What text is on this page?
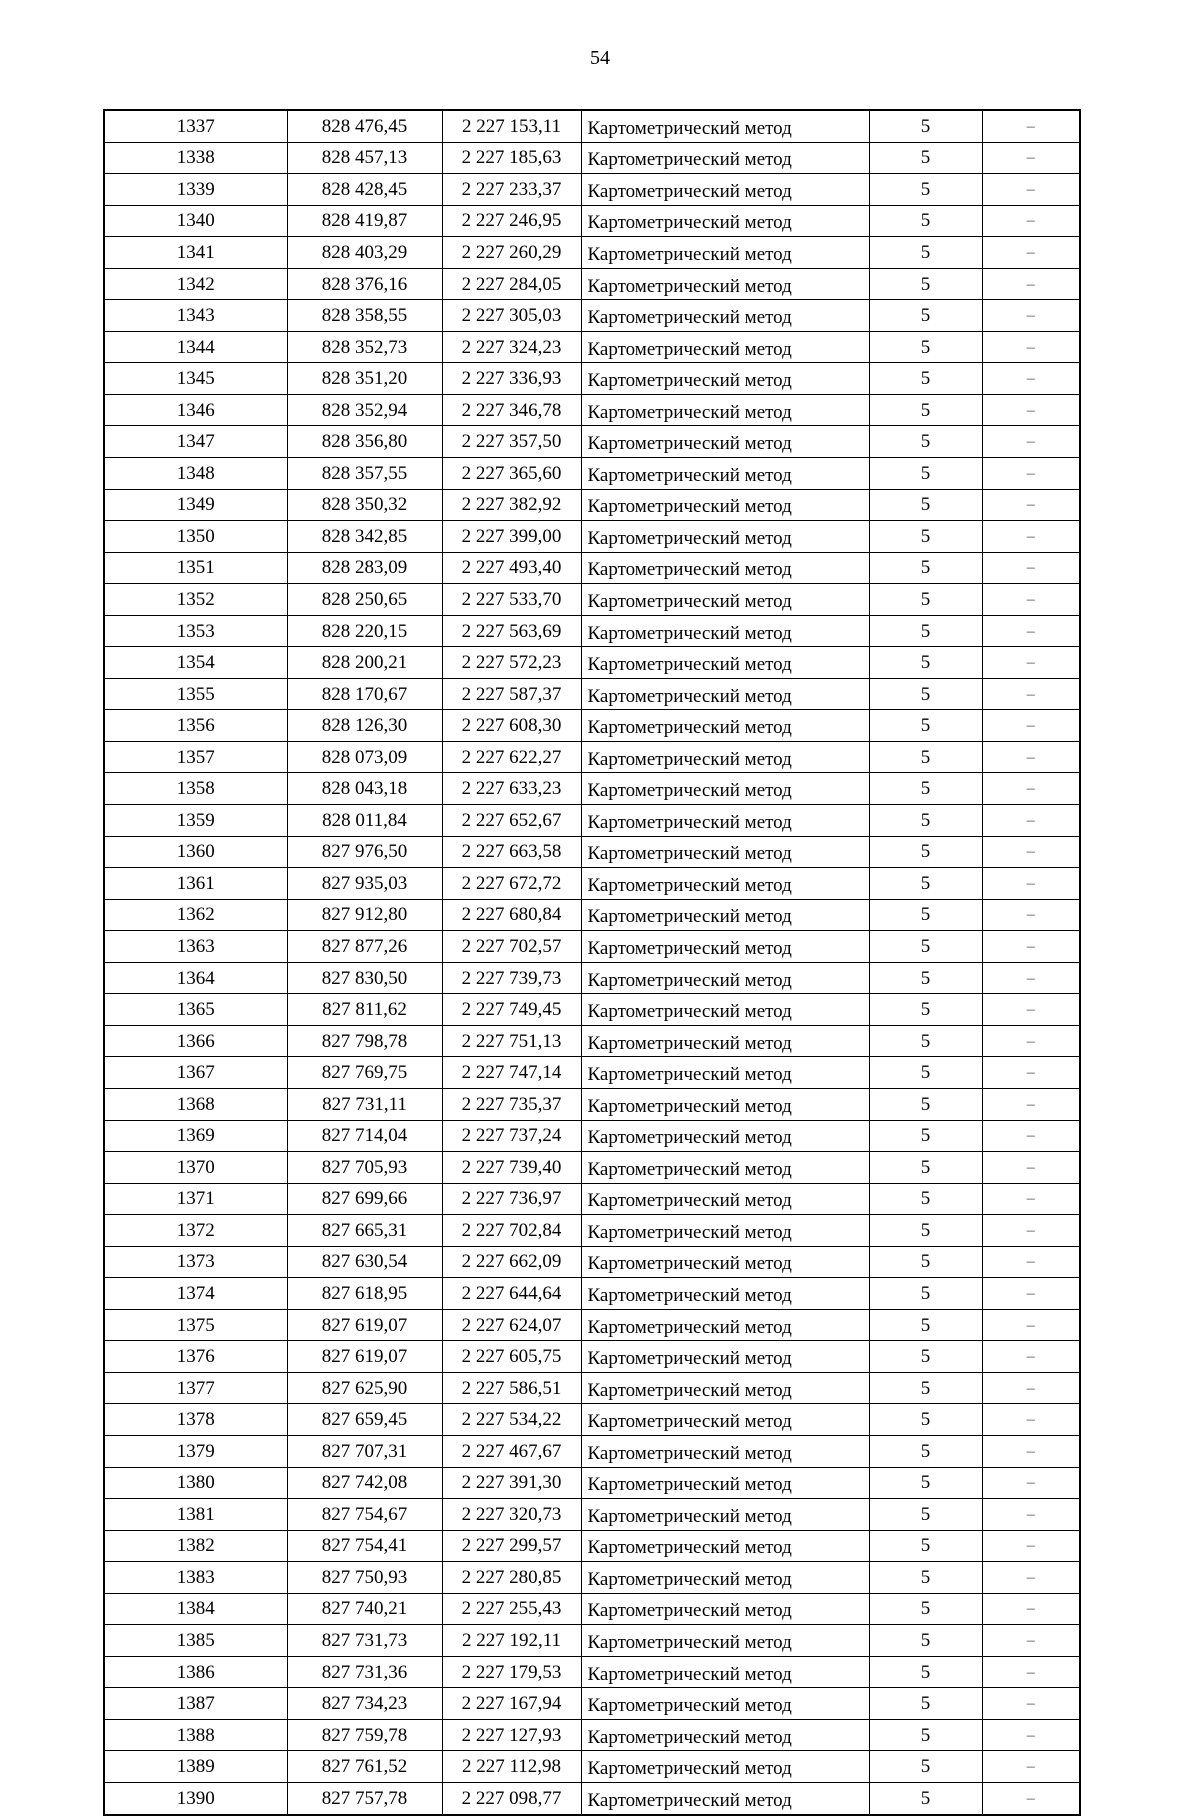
54
1337	828 476,45	2 227 153,11	Картометрический метод	5	–
1338	828 457,13	2 227 185,63	Картометрический метод	5	–
1339	828 428,45	2 227 233,37	Картометрический метод	5	–
1340	828 419,87	2 227 246,95	Картометрический метод	5	–
1341	828 403,29	2 227 260,29	Картометрический метод	5	–
1342	828 376,16	2 227 284,05	Картометрический метод	5	–
1343	828 358,55	2 227 305,03	Картометрический метод	5	–
1344	828 352,73	2 227 324,23	Картометрический метод	5	–
1345	828 351,20	2 227 336,93	Картометрический метод	5	–
1346	828 352,94	2 227 346,78	Картометрический метод	5	–
1347	828 356,80	2 227 357,50	Картометрический метод	5	–
1348	828 357,55	2 227 365,60	Картометрический метод	5	–
1349	828 350,32	2 227 382,92	Картометрический метод	5	–
1350	828 342,85	2 227 399,00	Картометрический метод	5	–
1351	828 283,09	2 227 493,40	Картометрический метод	5	–
1352	828 250,65	2 227 533,70	Картометрический метод	5	–
1353	828 220,15	2 227 563,69	Картометрический метод	5	–
1354	828 200,21	2 227 572,23	Картометрический метод	5	–
1355	828 170,67	2 227 587,37	Картометрический метод	5	–
1356	828 126,30	2 227 608,30	Картометрический метод	5	–
1357	828 073,09	2 227 622,27	Картометрический метод	5	–
1358	828 043,18	2 227 633,23	Картометрический метод	5	–
1359	828 011,84	2 227 652,67	Картометрический метод	5	–
1360	827 976,50	2 227 663,58	Картометрический метод	5	–
1361	827 935,03	2 227 672,72	Картометрический метод	5	–
1362	827 912,80	2 227 680,84	Картометрический метод	5	–
1363	827 877,26	2 227 702,57	Картометрический метод	5	–
1364	827 830,50	2 227 739,73	Картометрический метод	5	–
1365	827 811,62	2 227 749,45	Картометрический метод	5	–
1366	827 798,78	2 227 751,13	Картометрический метод	5	–
1367	827 769,75	2 227 747,14	Картометрический метод	5	–
1368	827 731,11	2 227 735,37	Картометрический метод	5	–
1369	827 714,04	2 227 737,24	Картометрический метод	5	–
1370	827 705,93	2 227 739,40	Картометрический метод	5	–
1371	827 699,66	2 227 736,97	Картометрический метод	5	–
1372	827 665,31	2 227 702,84	Картометрический метод	5	–
1373	827 630,54	2 227 662,09	Картометрический метод	5	–
1374	827 618,95	2 227 644,64	Картометрический метод	5	–
1375	827 619,07	2 227 624,07	Картометрический метод	5	–
1376	827 619,07	2 227 605,75	Картометрический метод	5	–
1377	827 625,90	2 227 586,51	Картометрический метод	5	–
1378	827 659,45	2 227 534,22	Картометрический метод	5	–
1379	827 707,31	2 227 467,67	Картометрический метод	5	–
1380	827 742,08	2 227 391,30	Картометрический метод	5	–
1381	827 754,67	2 227 320,73	Картометрический метод	5	–
1382	827 754,41	2 227 299,57	Картометрический метод	5	–
1383	827 750,93	2 227 280,85	Картометрический метод	5	–
1384	827 740,21	2 227 255,43	Картометрический метод	5	–
1385	827 731,73	2 227 192,11	Картометрический метод	5	–
1386	827 731,36	2 227 179,53	Картометрический метод	5	–
1387	827 734,23	2 227 167,94	Картометрический метод	5	–
1388	827 759,78	2 227 127,93	Картометрический метод	5	–
1389	827 761,52	2 227 112,98	Картометрический метод	5	–
1390	827 757,78	2 227 098,77	Картометрический метод	5	–
